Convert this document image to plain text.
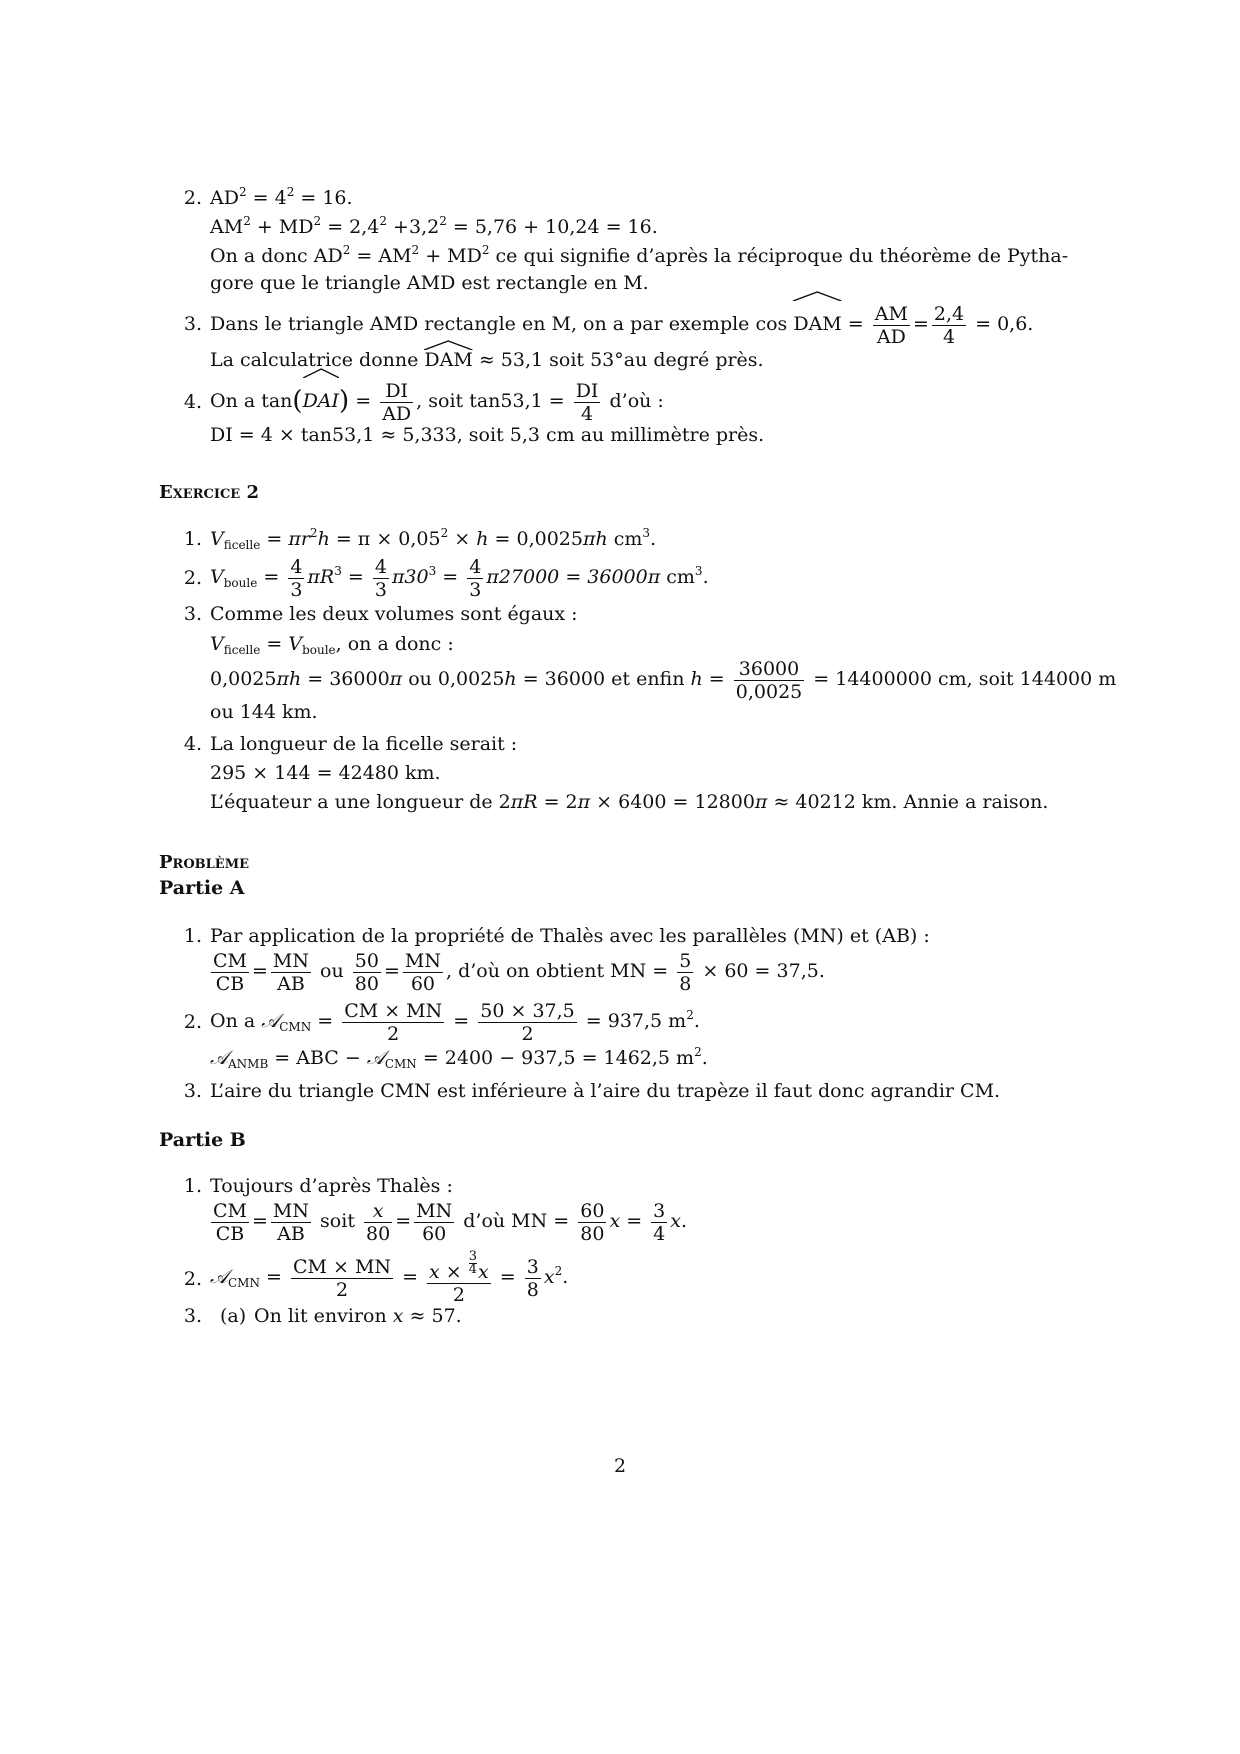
2. $AD^2 = 4^2 = 16$.
$AM^2 + MD^2 = 2,4^2 +3,2^2 = 5,76 + 10,24 = 16$.
On a donc $AD^2 = AM^2 + MD^2$ ce qui signifie d’après la réciproque du théorème de Pytha-
gore que le triangle AMD est rectangle en M.
3. Dans le triangle AMD rectangle en M, on a par exemple cos
DAM = $\frac{AM}{AD} = \frac{2,4}{4} = 0,6$.
La calculatrice donne
DAM ≈ 53,1 soit 53°au degré près.
4. On a tan(
$DAI) = \frac{DI}{AD}$ , soit $\tan 53,1 = \frac{DI}{4}$ d’où :
DI = 4 × tan53,1 ≈ 5,333, soit 5,3 cm au millimètre près.
Exercice 2
1. $V_{ficelle} = \pi r^2h = \pi \times 0,05^2 \times h = 0,0025\pi h$ $cm^3$.
2. $V_{boule} = \frac{4}{3} \pi R^3 = \frac{4}{3} \pi 30^3 = \frac{4}{3} \pi 27000 = 36000\pi$ $cm^3$.
3. Comme les deux volumes sont égaux :
$V_{ficelle} = V_{boule}$, on a donc :
0,0025πh = 36000π ou 0,0025h = 36000 et enfin $h = \frac{36000}{0,0025} = 14400000$ cm, soit 144000 m
ou 144 km.
4. La longueur de la ficelle serait :
295 × 144 = 42480 km.
L’équateur a une longueur de 2πR = 2π × 6400 = 12800π ≈ 40212 km. Annie a raison.
Problème
Partie A
1. Par application de la propriété de Thalès avec les parallèles (MN) et (AB) :
$\frac{CM}{CB} = \frac{MN}{AB}$ ou $\frac{50}{80} = \frac{MN}{60}$ , d’où on obtient MN = $\frac{5}{8} \times 60 = 37,5$.
2. On a 𝒜$_{CMN}$ = $\frac{CM \times MN}{2} = \frac{50 \times 37,5}{2} = 937,5$ $m^2$.
𝒜$_{ANMB}$ = ABC − 𝒜$_{CMN}$ = 2400 − 937,5 = 1462,5 $m^2$.
3. L’aire du triangle CMN est inférieure à l’aire du trapèze il faut donc agrandir CM.
Partie B
1. Toujours d’après Thalès :
$\frac{CM}{CB} = \frac{MN}{AB}$ soit $\frac{x}{80} = \frac{MN}{60}$ d’où MN = $\frac{60}{80}$ $x = \frac{3}{4} x$.
2. 𝒜$_{CMN}$ = $\frac{CM \times MN}{2} = \frac{x \times \frac{3}{4} x}{2} = \frac{3}{8} x^2$.
3. (a) On lit environ x ≈ 57.
2
